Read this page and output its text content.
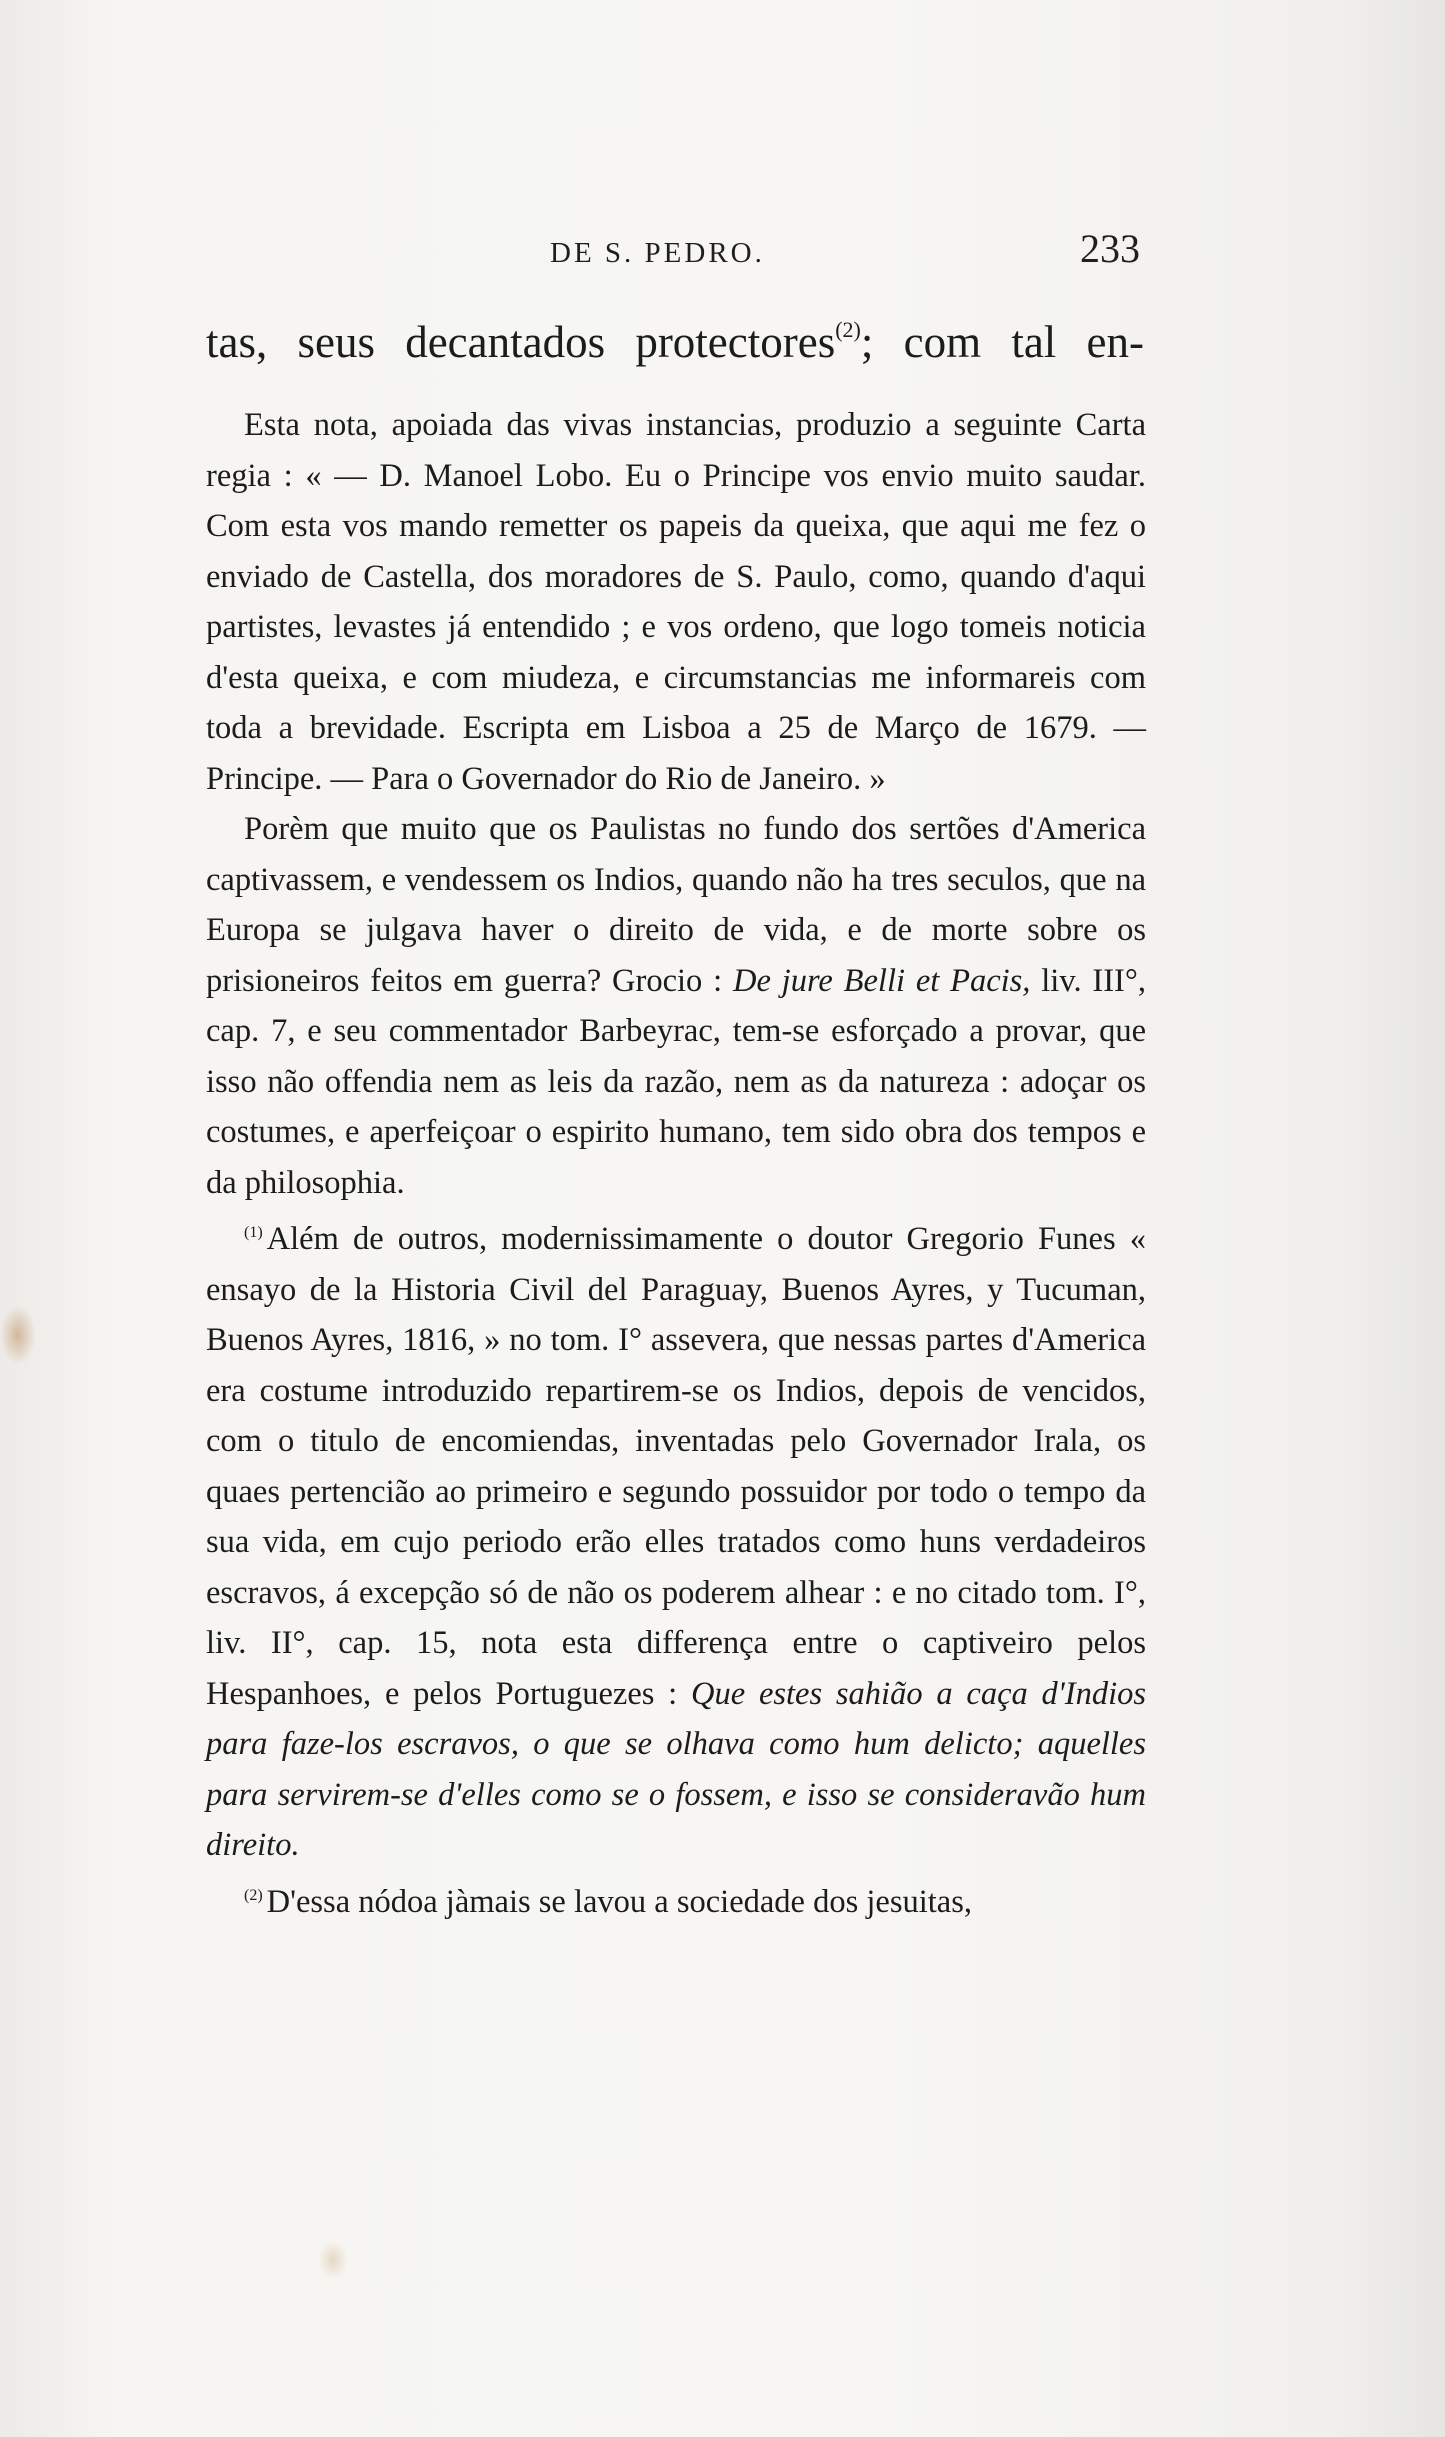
DE S. PEDRO.	233
tas, seus decantados protectores$^{(2)}$; com tal en-

Esta nota, apoiada das vivas instancias, produzio a seguinte Carta regia : « — D. Manoel Lobo. Eu o Principe vos envio muito saudar. Com esta vos mando remetter os papeis da queixa, que aqui me fez o enviado de Castella, dos moradores de S. Paulo, como, quando d'aqui partistes, levastes já entendido ; e vos ordeno, que logo tomeis noticia d'esta queixa, e com miudeza, e circumstancias me informareis com toda a brevidade. Escripta em Lisboa a 25 de Março de 1679. — Principe. — Para o Governador do Rio de Janeiro. »

Porèm que muito que os Paulistas no fundo dos sertões d'America captivassem, e vendessem os Indios, quando não ha tres seculos, que na Europa se julgava haver o direito de vida, e de morte sobre os prisioneiros feitos em guerra? Grocio : De jure Belli et Pacis, liv. III°, cap. 7, e seu commentador Barbeyrac, tem-se esforçado a provar, que isso não offendia nem as leis da razão, nem as da natureza : adoçar os costumes, e aperfeiçoar o espirito humano, tem sido obra dos tempos e da philosophia.

$^{(1)}$ Além de outros, modernissimamente o doutor Gregorio Funes « ensayo de la Historia Civil del Paraguay, Buenos Ayres, y Tucuman, Buenos Ayres, 1816, » no tom. I° assevera, que nessas partes d'America era costume introduzido repartirem-se os Indios, depois de vencidos, com o titulo de encomiendas, inventadas pelo Governador Irala, os quaes pertencião ao primeiro e segundo possuidor por todo o tempo da sua vida, em cujo periodo erão elles tratados como huns verdadeiros escravos, á excepção só de não os poderem alhear : e no citado tom. I°, liv. II°, cap. 15, nota esta differença entre o captiveiro pelos Hespanhoes, e pelos Portuguezes : Que estes sahião a caça d'Indios para faze-los escravos, o que se olhava como hum delicto; aquelles para servirem-se d'elles como se o fossem, e isso se consideravão hum direito.

$^{(2)}$ D'essa nódoa jàmais se lavou a sociedade dos jesuitas,
